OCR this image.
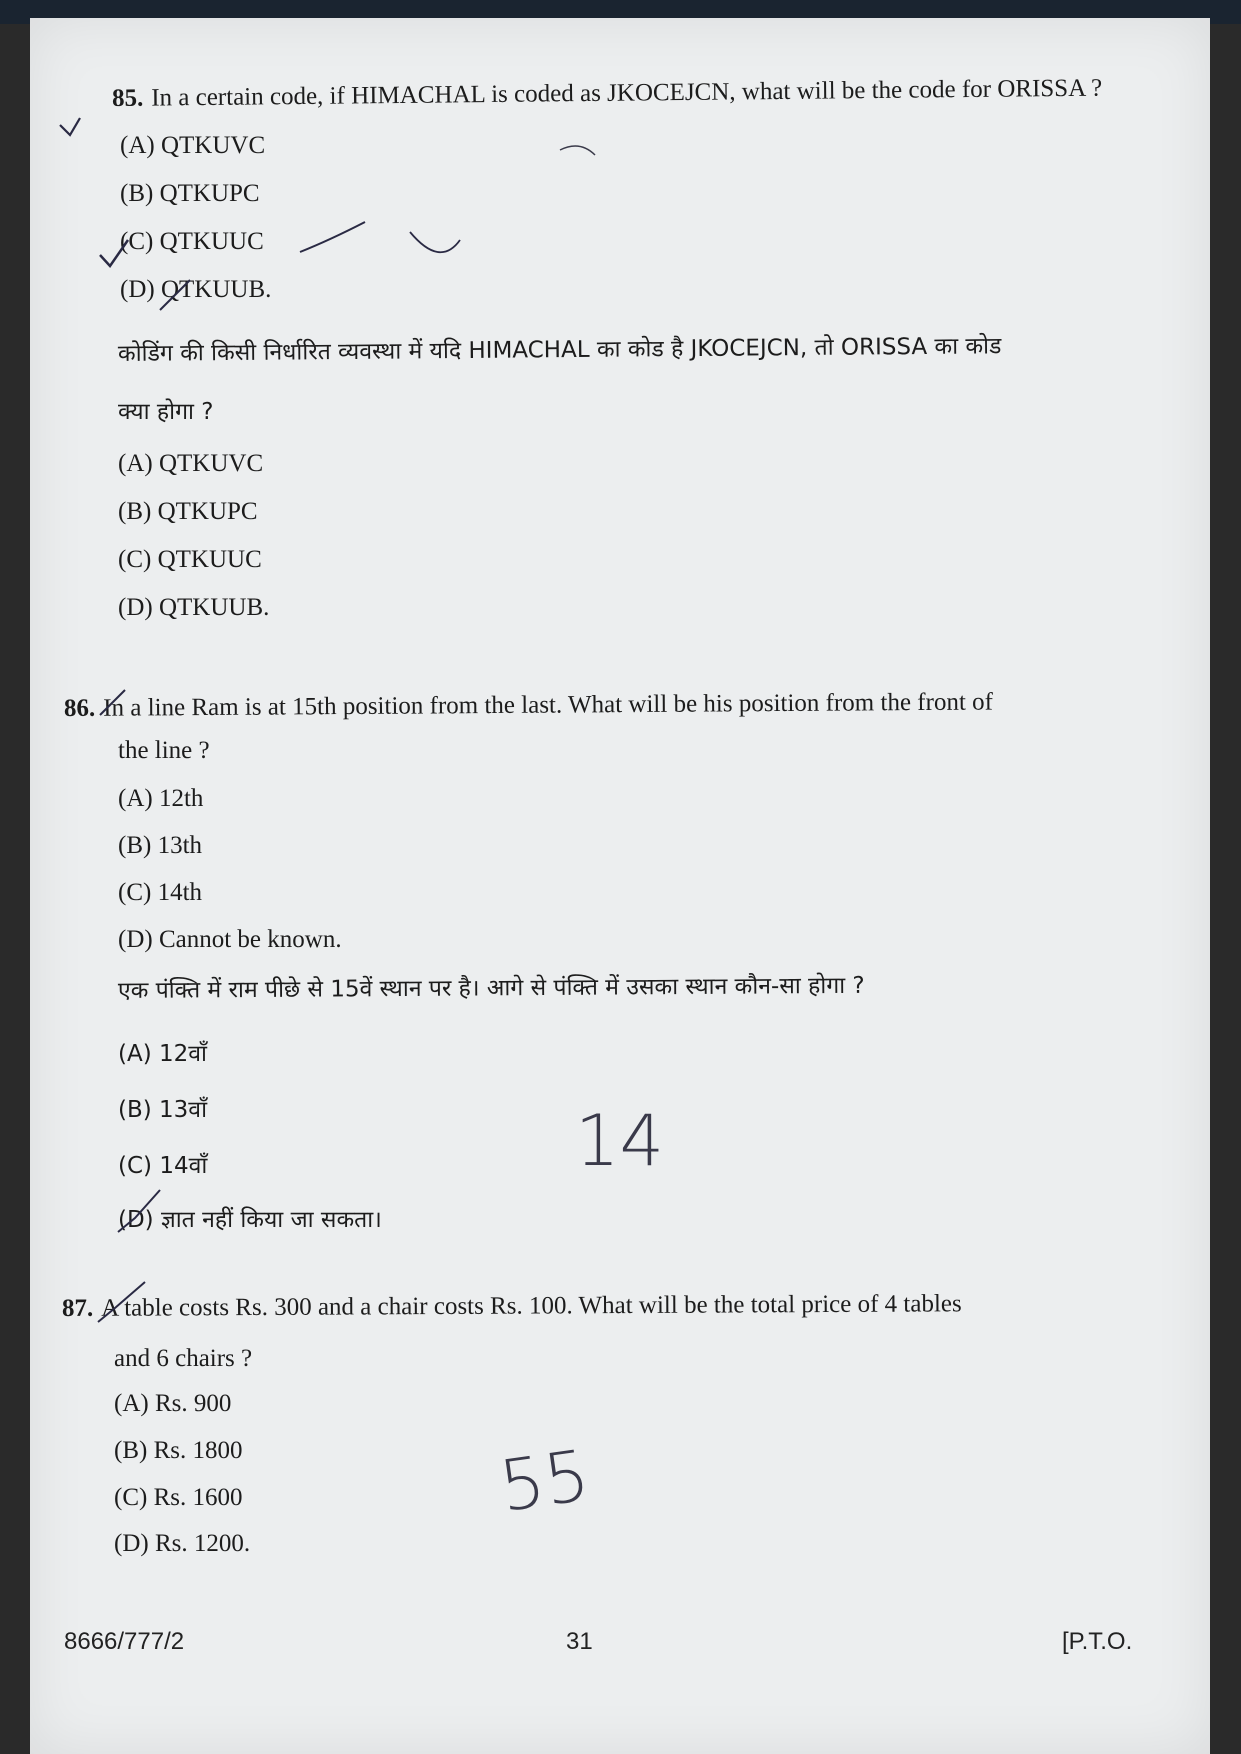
85. In a certain code, if HIMACHAL is coded as JKOCEJCN, what will be the code for ORISSA ?
(A) QTKUVC
(B) QTKUPC
(C) QTKUUC
(D) QTKUUB.
कोडिंग की किसी निर्धारित व्यवस्था में यदि HIMACHAL का कोड है JKOCEJCN, तो ORISSA का कोड
क्या होगा ?
(A) QTKUVC
(B) QTKUPC
(C) QTKUUC
(D) QTKUUB.
86. In a line Ram is at 15th position from the last. What will be his position from the front of
the line ?
(A) 12th
(B) 13th
(C) 14th
(D) Cannot be known.
एक पंक्ति में राम पीछे से 15वें स्थान पर है। आगे से पंक्ति में उसका स्थान कौन-सा होगा ?
(A) 12वाँ
(B) 13वाँ
(C) 14वाँ
(D) ज्ञात नहीं किया जा सकता।
87. A table costs Rs. 300 and a chair costs Rs. 100. What will be the total price of 4 tables
and 6 chairs ?
(A) Rs. 900
(B) Rs. 1800
(C) Rs. 1600
(D) Rs. 1200.
14
55
8666/777/2	31	[P.T.O.
